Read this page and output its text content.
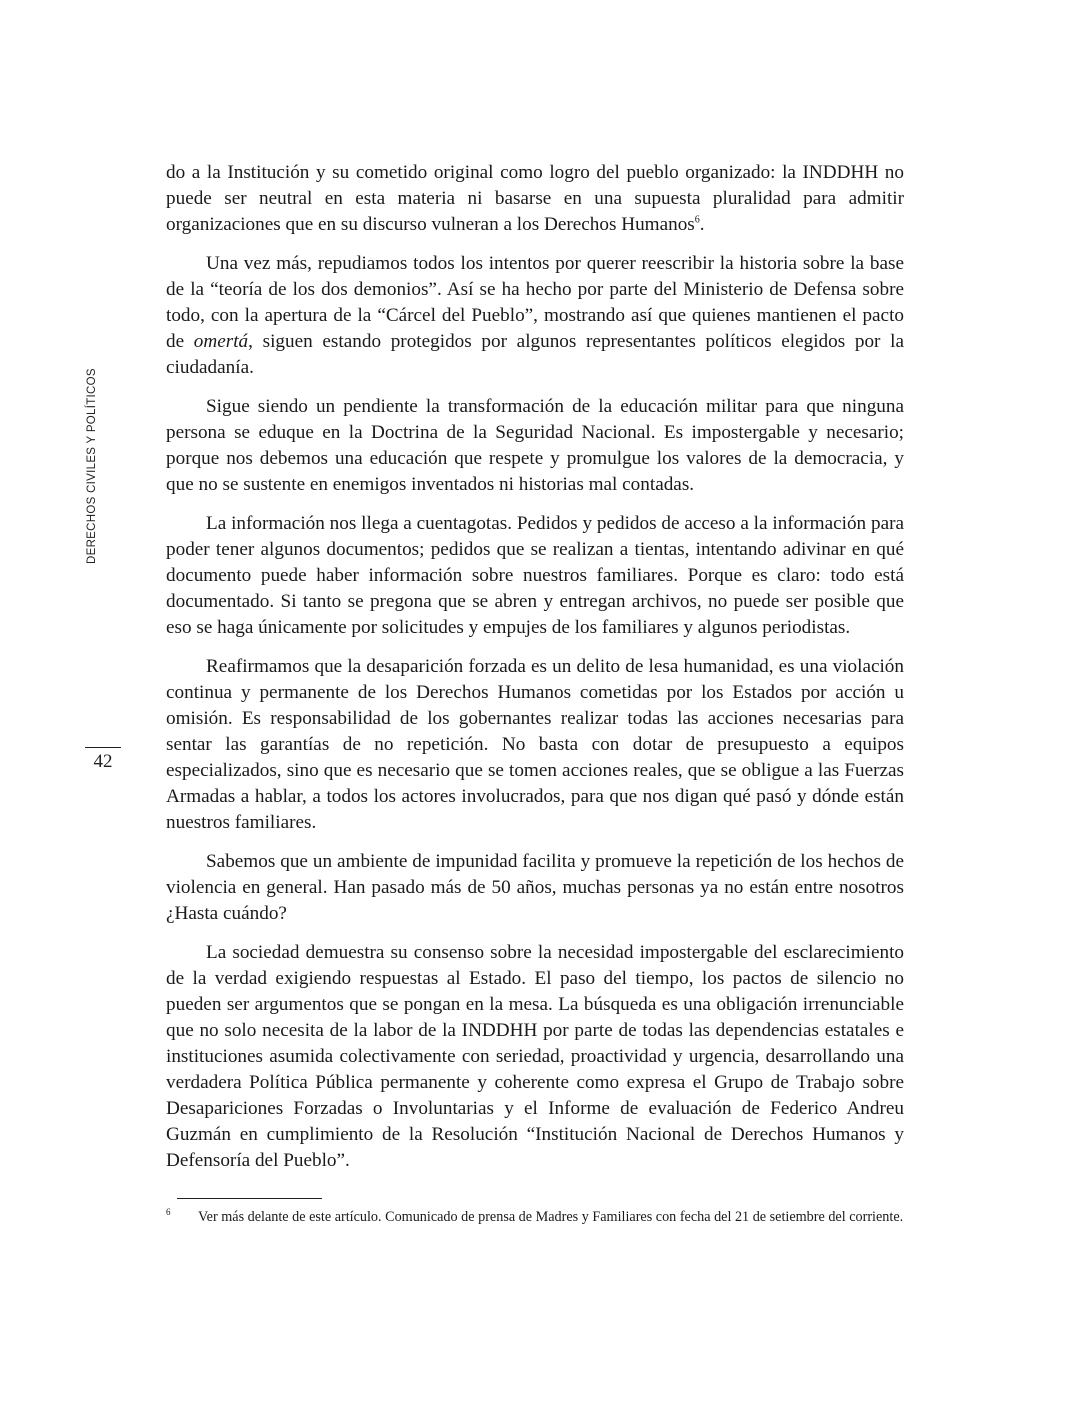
DERECHOS CIVILES Y POLÍTICOS
42

do a la Institución y su cometido original como logro del pueblo organizado: la INDDHH no puede ser neutral en esta materia ni basarse en una supuesta pluralidad para admitir organizaciones que en su discurso vulneran a los Derechos Humanos$^6$.

Una vez más, repudiamos todos los intentos por querer reescribir la historia sobre la base de la “teoría de los dos demonios”. Así se ha hecho por parte del Ministerio de Defensa sobre todo, con la apertura de la “Cárcel del Pueblo”, mostrando así que quienes mantienen el pacto de omertá, siguen estando protegidos por algunos representantes políticos elegidos por la ciudadanía.

Sigue siendo un pendiente la transformación de la educación militar para que ninguna persona se eduque en la Doctrina de la Seguridad Nacional. Es impostergable y necesario; porque nos debemos una educación que respete y promulgue los valores de la democracia, y que no se sustente en enemigos inventados ni historias mal contadas.

La información nos llega a cuentagotas. Pedidos y pedidos de acceso a la información para poder tener algunos documentos; pedidos que se realizan a tientas, intentando adivinar en qué documento puede haber información sobre nuestros familiares. Porque es claro: todo está documentado. Si tanto se pregona que se abren y entregan archivos, no puede ser posible que eso se haga únicamente por solicitudes y empujes de los familiares y algunos periodistas.

Reafirmamos que la desaparición forzada es un delito de lesa humanidad, es una violación continua y permanente de los Derechos Humanos cometidas por los Estados por acción u omisión. Es responsabilidad de los gobernantes realizar todas las acciones necesarias para sentar las garantías de no repetición. No basta con dotar de presupuesto a equipos especializados, sino que es necesario que se tomen acciones reales, que se obligue a las Fuerzas Armadas a hablar, a todos los actores involucrados, para que nos digan qué pasó y dónde están nuestros familiares.

Sabemos que un ambiente de impunidad facilita y promueve la repetición de los hechos de violencia en general. Han pasado más de 50 años, muchas personas ya no están entre nosotros ¿Hasta cuándo?

La sociedad demuestra su consenso sobre la necesidad impostergable del esclarecimiento de la verdad exigiendo respuestas al Estado. El paso del tiempo, los pactos de silencio no pueden ser argumentos que se pongan en la mesa. La búsqueda es una obligación irrenunciable que no solo necesita de la labor de la INDDHH por parte de todas las dependencias estatales e instituciones asumida colectivamente con seriedad, proactividad y urgencia, desarrollando una verdadera Política Pública permanente y coherente como expresa el Grupo de Trabajo sobre Desapariciones Forzadas o Involuntarias y el Informe de evaluación de Federico Andreu Guzmán en cumplimiento de la Resolución “Institución Nacional de Derechos Humanos y Defensoría del Pueblo”.

6 Ver más delante de este artículo. Comunicado de prensa de Madres y Familiares con fecha del 21 de setiembre del corriente.
